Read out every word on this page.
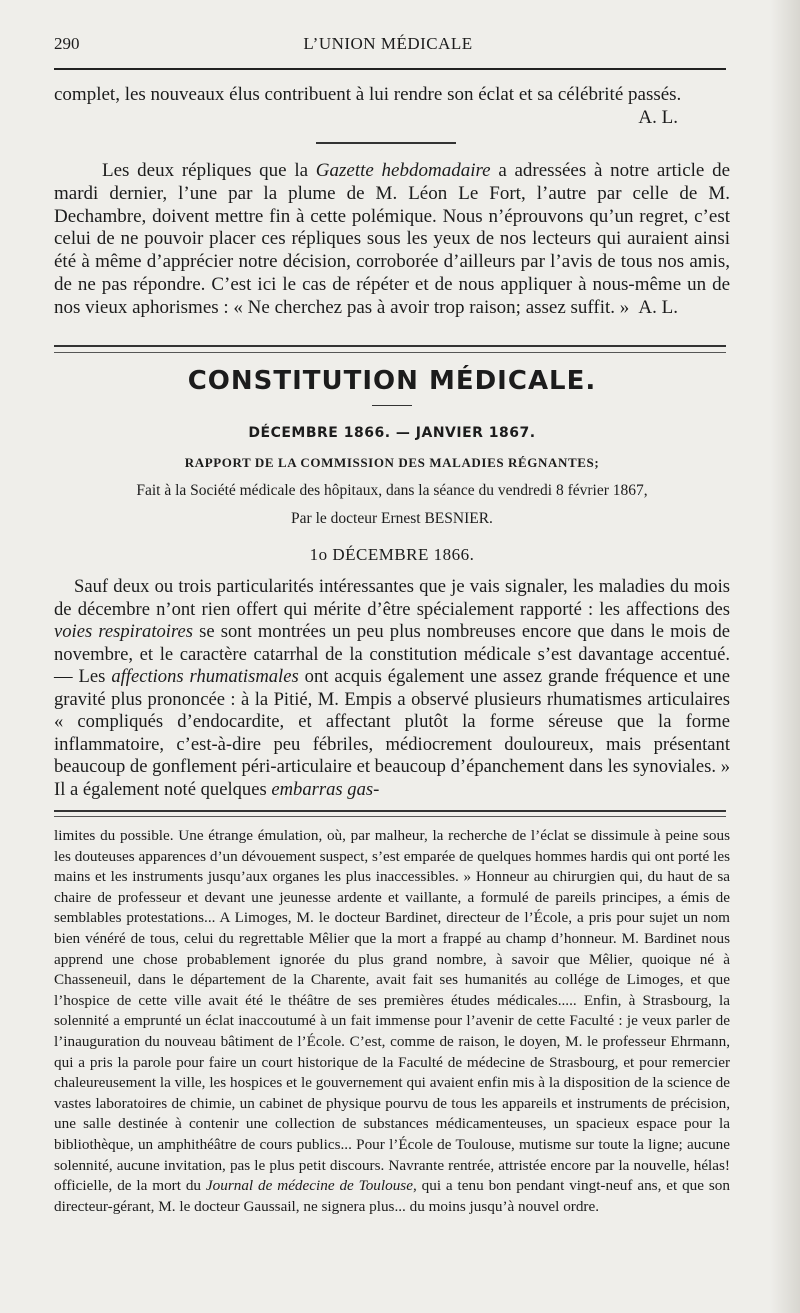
290	L’UNION MÉDICALE

complet, les nouveaux élus contribuent à lui rendre son éclat et sa célébrité passés.

A. L.

Les deux répliques que la Gazette hebdomadaire a adressées à notre article de mardi dernier, l’une par la plume de M. Léon Le Fort, l’autre par celle de M. Dechambre, doivent mettre fin à cette polémique. Nous n’éprouvons qu’un regret, c’est celui de ne pouvoir placer ces répliques sous les yeux de nos lecteurs qui auraient ainsi été à même d’apprécier notre décision, corroborée d’ailleurs par l’avis de tous nos amis, de ne pas répondre. C’est ici le cas de répéter et de nous appliquer à nous-même un de nos vieux aphorismes : « Ne cherchez pas à avoir trop raison; assez suffit. » A. L.

CONSTITUTION MÉDICALE.
DÉCEMBRE 1866. — JANVIER 1867.
RAPPORT DE LA COMMISSION DES MALADIES RÉGNANTES;
Fait à la Société médicale des hôpitaux, dans la séance du vendredi 8 février 1867,
Par le docteur Ernest BESNIER.
1o DÉCEMBRE 1866.

Sauf deux ou trois particularités intéressantes que je vais signaler, les maladies du mois de décembre n’ont rien offert qui mérite d’être spécialement rapporté : les affections des voies respiratoires se sont montrées un peu plus nombreuses encore que dans le mois de novembre, et le caractère catarrhal de la constitution médicale s’est davantage accentué. — Les affections rhumatismales ont acquis également une assez grande fréquence et une gravité plus prononcée : à la Pitié, M. Empis a observé plusieurs rhumatismes articulaires « compliqués d’endocardite, et affectant plutôt la forme séreuse que la forme inflammatoire, c’est-à-dire peu fébriles, médiocrement douloureux, mais présentant beaucoup de gonflement péri-articulaire et beaucoup d’épanchement dans les synoviales. » Il a également noté quelques embarras gas-

limites du possible. Une étrange émulation, où, par malheur, la recherche de l’éclat se dissimule à peine sous les douteuses apparences d’un dévouement suspect, s’est emparée de quelques hommes hardis qui ont porté les mains et les instruments jusqu’aux organes les plus inaccessibles. » Honneur au chirurgien qui, du haut de sa chaire de professeur et devant une jeunesse ardente et vaillante, a formulé de pareils principes, a émis de semblables protestations... A Limoges, M. le docteur Bardinet, directeur de l’École, a pris pour sujet un nom bien vénéré de tous, celui du regrettable Mêlier que la mort a frappé au champ d’honneur. M. Bardinet nous apprend une chose probablement ignorée du plus grand nombre, à savoir que Mêlier, quoique né à Chasseneuil, dans le département de la Charente, avait fait ses humanités au collége de Limoges, et que l’hospice de cette ville avait été le théâtre de ses premières études médicales..... Enfin, à Strasbourg, la solennité a emprunté un éclat inaccoutumé à un fait immense pour l’avenir de cette Faculté : je veux parler de l’inauguration du nouveau bâtiment de l’École. C’est, comme de raison, le doyen, M. le professeur Ehrmann, qui a pris la parole pour faire un court historique de la Faculté de médecine de Strasbourg, et pour remercier chaleureusement la ville, les hospices et le gouvernement qui avaient enfin mis à la disposition de la science de vastes laboratoires de chimie, un cabinet de physique pourvu de tous les appareils et instruments de précision, une salle destinée à contenir une collection de substances médicamenteuses, un spacieux espace pour la bibliothèque, un amphithéâtre de cours publics... Pour l’École de Toulouse, mutisme sur toute la ligne; aucune solennité, aucune invitation, pas le plus petit discours. Navrante rentrée, attristée encore par la nouvelle, hélas! officielle, de la mort du Journal de médecine de Toulouse, qui a tenu bon pendant vingt-neuf ans, et que son directeur-gérant, M. le docteur Gaussail, ne signera plus... du moins jusqu’à nouvel ordre.
